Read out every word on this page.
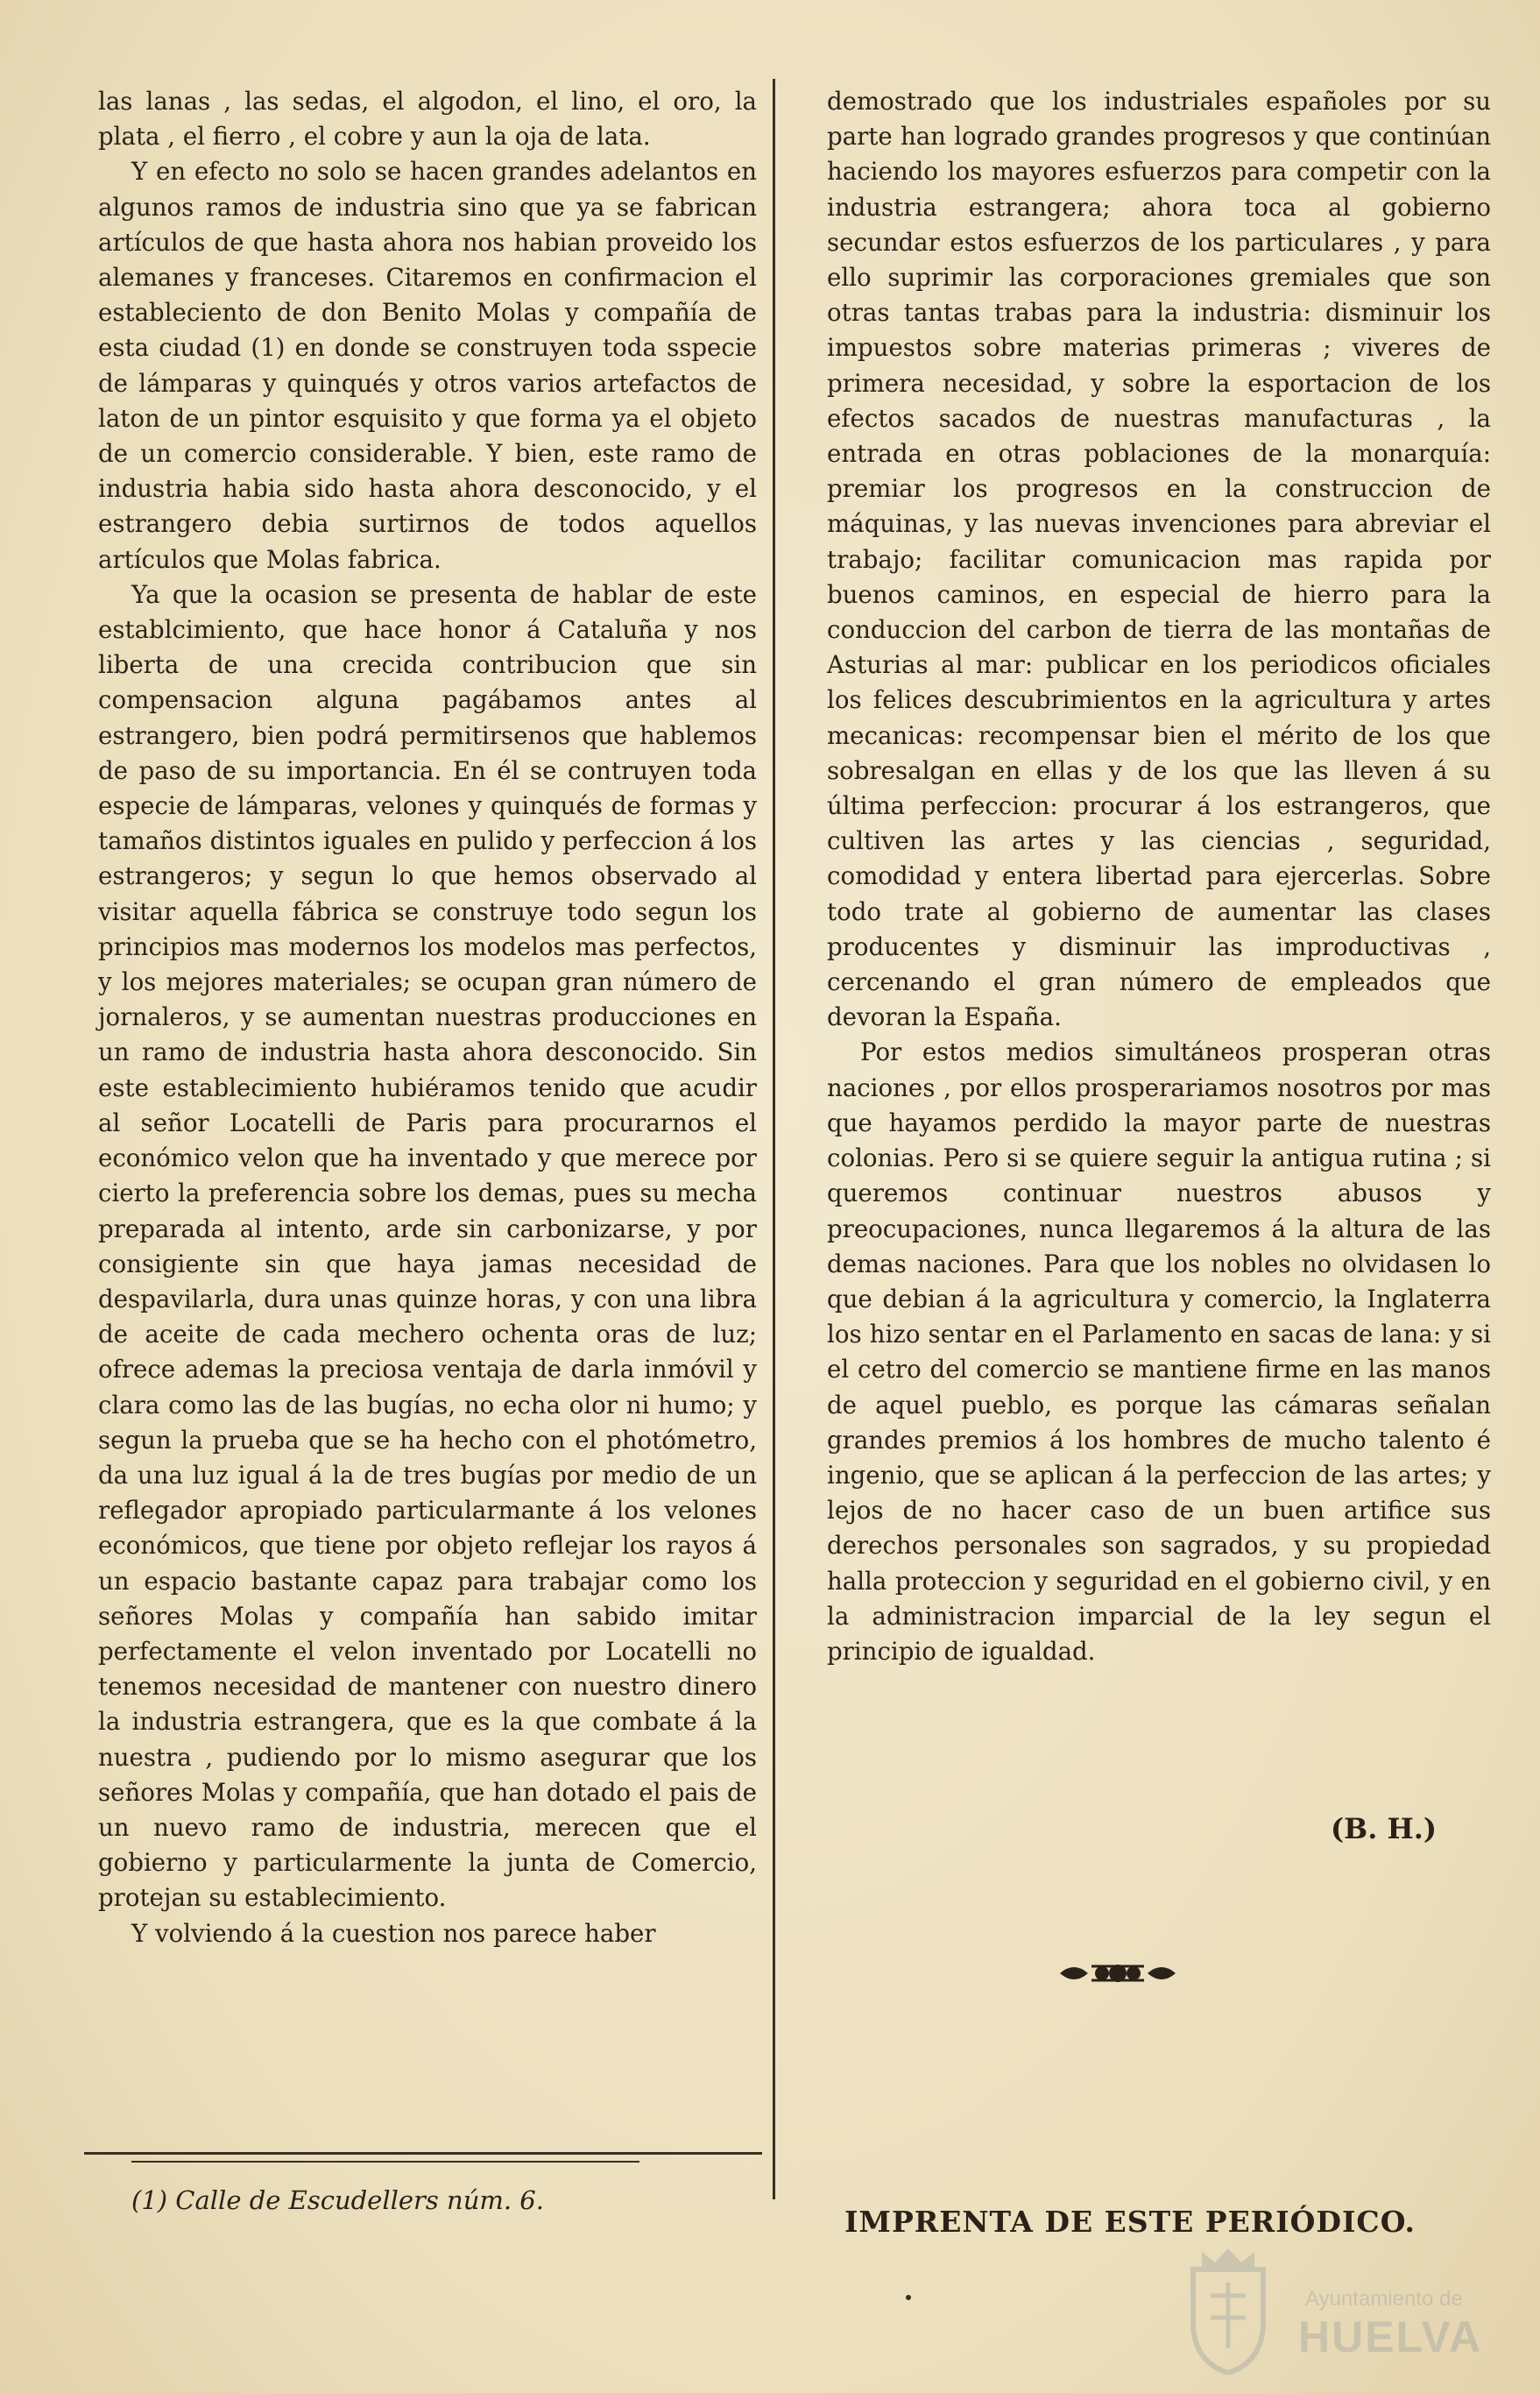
las lanas , las sedas, el algodon, el lino, el oro, la plata , el fierro , el cobre y aun la oja de lata.

Y en efecto no solo se hacen grandes adelantos en algunos ramos de industria sino que ya se fabrican artículos de que hasta ahora nos habian proveido los alemanes y franceses. Citaremos en confirmacion el estableciento de don Benito Molas y compañía de esta ciudad (1) en donde se construyen toda sspecie de lámparas y quinqués y otros varios artefactos de laton de un pintor esquisito y que forma ya el objeto de un comercio considerable. Y bien, este ramo de industria habia sido hasta ahora desconocido, y el estrangero debia surtirnos de todos aquellos artículos que Molas fabrica.

Ya que la ocasion se presenta de hablar de este establcimiento, que hace honor á Cataluña y nos liberta de una crecida contribucion que sin compensacion alguna pagábamos antes al estrangero, bien podrá permitirsenos que hablemos de paso de su importancia. En él se contruyen toda especie de lámparas, velones y quinqués de formas y tamaños distintos iguales en pulido y perfeccion á los estrangeros; y segun lo que hemos observado al visitar aquella fábrica se construye todo segun los principios mas modernos los modelos mas perfectos, y los mejores materiales; se ocupan gran número de jornaleros, y se aumentan nuestras producciones en un ramo de industria hasta ahora desconocido. Sin este establecimiento hubiéramos tenido que acudir al señor Locatelli de Paris para procurarnos el económico velon que ha inventado y que merece por cierto la preferencia sobre los demas, pues su mecha preparada al intento, arde sin carbonizarse, y por consigiente sin que haya jamas necesidad de despavilarla, dura unas quinze horas, y con una libra de aceite de cada mechero ochenta oras de luz; ofrece ademas la preciosa ventaja de darla inmóvil y clara como las de las bugías, no echa olor ni humo; y segun la prueba que se ha hecho con el photómetro, da una luz igual á la de tres bugías por medio de un reflegador apropiado particularmante á los velones económicos, que tiene por objeto reflejar los rayos á un espacio bastante capaz para trabajar como los señores Molas y compañía han sabido imitar perfectamente el velon inventado por Locatelli no tenemos necesidad de mantener con nuestro dinero la industria estrangera, que es la que combate á la nuestra , pudiendo por lo mismo asegurar que los señores Molas y compañía, que han dotado el pais de un nuevo ramo de industria, merecen que el gobierno y particularmente la junta de Comercio, protejan su establecimiento.

Y volviendo á la cuestion nos parece haber

demostrado que los industriales españoles por su parte han logrado grandes progresos y que continúan haciendo los mayores esfuerzos para competir con la industria estrangera; ahora toca al gobierno secundar estos esfuerzos de los particulares , y para ello suprimir las corporaciones gremiales que son otras tantas trabas para la industria: disminuir los impuestos sobre materias primeras ; viveres de primera necesidad, y sobre la esportacion de los efectos sacados de nuestras manufacturas , la entrada en otras poblaciones de la monarquía: premiar los progresos en la construccion de máquinas, y las nuevas invenciones para abreviar el trabajo; facilitar comunicacion mas rapida por buenos caminos, en especial de hierro para la conduccion del carbon de tierra de las montañas de Asturias al mar: publicar en los periodicos oficiales los felices descubrimientos en la agricultura y artes mecanicas: recompensar bien el mérito de los que sobresalgan en ellas y de los que las lleven á su última perfeccion: procurar á los estrangeros, que cultiven las artes y las ciencias , seguridad, comodidad y entera libertad para ejercerlas. Sobre todo trate al gobierno de aumentar las clases producentes y disminuir las improductivas , cercenando el gran número de empleados que devoran la España.

Por estos medios simultáneos prosperan otras naciones , por ellos prosperariamos nosotros por mas que hayamos perdido la mayor parte de nuestras colonias. Pero si se quiere seguir la antigua rutina ; si queremos continuar nuestros abusos y preocupaciones, nunca llegaremos á la altura de las demas naciones. Para que los nobles no olvidasen lo que debian á la agricultura y comercio, la Inglaterra los hizo sentar en el Parlamento en sacas de lana: y si el cetro del comercio se mantiene firme en las manos de aquel pueblo, es porque las cámaras señalan grandes premios á los hombres de mucho talento é ingenio, que se aplican á la perfeccion de las artes; y lejos de no hacer caso de un buen artifice sus derechos personales son sagrados, y su propiedad halla proteccion y seguridad en el gobierno civil, y en la administracion imparcial de la ley segun el principio de igualdad.

(B. H.)
(1) Calle de Escudellers núm. 6.
IMPRENTA DE ESTE PERIÓDICO.
Ayuntamiento de
HUELVA
